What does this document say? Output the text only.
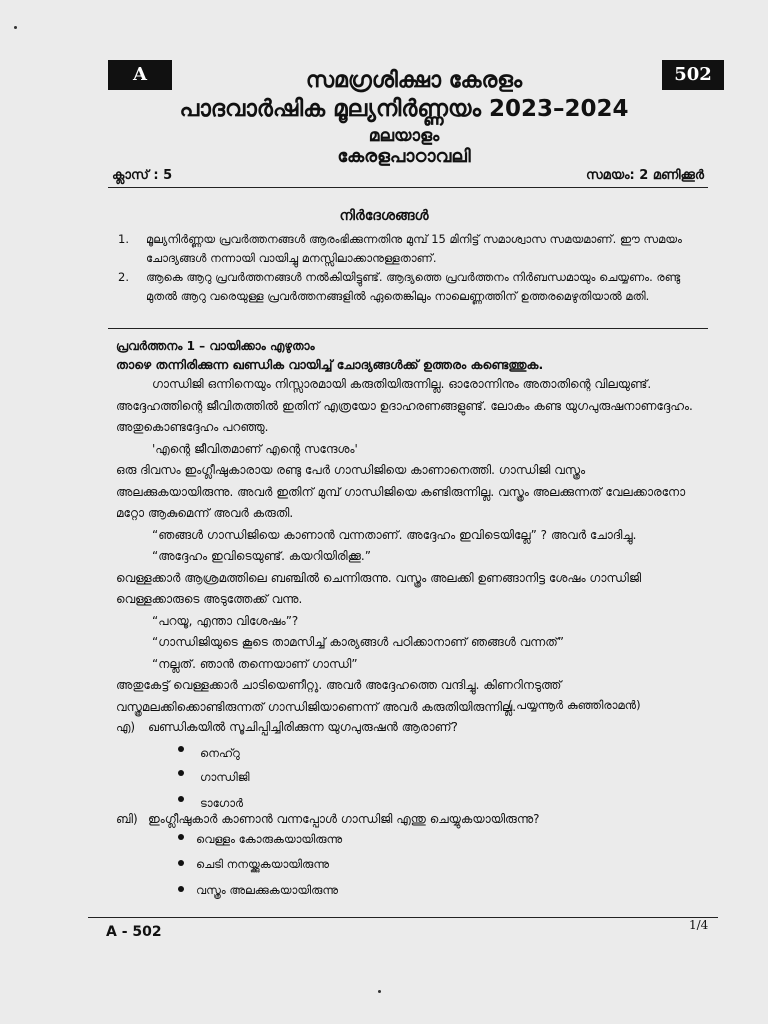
A	502
സമഗ്രശിക്ഷാ കേരളം
പാദവാർഷിക മൂല്യനിർണ്ണയം 2023–2024
മലയാളം
കേരളപാഠാവലി
ക്ലാസ് : 5	സമയം: 2 മണിക്കൂർ
നിർദേശങ്ങൾ
1. മൂല്യനിർണ്ണയ പ്രവർത്തനങ്ങൾ ആരംഭിക്കുന്നതിനു മുമ്പ് 15 മിനിട്ട് സമാശ്വാസ സമയമാണ്. ഈ സമയം ചോദ്യങ്ങൾ നന്നായി വായിച്ചു മനസ്സിലാക്കാനുള്ളതാണ്.
2. ആകെ ആറു പ്രവർത്തനങ്ങൾ നൽകിയിട്ടുണ്ട്. ആദ്യത്തെ പ്രവർത്തനം നിർബന്ധമായും ചെയ്യണം. രണ്ടു മുതൽ ആറു വരെയുള്ള പ്രവർത്തനങ്ങളിൽ ഏതെങ്കിലും നാലെണ്ണത്തിന് ഉത്തരമെഴുതിയാൽ മതി.
പ്രവർത്തനം 1 – വായിക്കാം എഴുതാം
താഴെ തന്നിരിക്കുന്ന ഖണ്ഡിക വായിച്ച് ചോദ്യങ്ങൾക്ക് ഉത്തരം കണ്ടെത്തുക.

ഗാന്ധിജി ഒന്നിനെയും നിസ്സാരമായി കരുതിയിരുന്നില്ല. ഓരോന്നിനും അതാതിന്റെ വിലയുണ്ട്. അദ്ദേഹത്തിന്റെ ജീവിതത്തിൽ ഇതിന് എത്രയോ ഉദാഹരണങ്ങളുണ്ട്. ലോകം കണ്ട യുഗപുരുഷനാണദ്ദേഹം. അതുകൊണ്ടദ്ദേഹം പറഞ്ഞു.

'എന്റെ ജീവിതമാണ് എന്റെ സന്ദേശം'

ഒരു ദിവസം ഇംഗ്ലീഷുകാരായ രണ്ടു പേർ ഗാന്ധിജിയെ കാണാനെത്തി. ഗാന്ധിജി വസ്ത്രം അലക്കുകയായിരുന്നു. അവർ ഇതിന് മുമ്പ് ഗാന്ധിജിയെ കണ്ടിരുന്നില്ല. വസ്ത്രം അലക്കുന്നത് വേലക്കാരനോ മറ്റോ ആകുമെന്ന് അവർ കരുതി.

“ഞങ്ങൾ ഗാന്ധിജിയെ കാണാൻ വന്നതാണ്. അദ്ദേഹം ഇവിടെയില്ലേ” ? അവർ ചോദിച്ചു.

“അദ്ദേഹം ഇവിടെയുണ്ട്. കയറിയിരിക്കൂ.”

വെള്ളക്കാർ ആശ്രമത്തിലെ ബഞ്ചിൽ ചെന്നിരുന്നു. വസ്ത്രം അലക്കി ഉണങ്ങാനിട്ട ശേഷം ഗാന്ധിജി വെള്ളക്കാരുടെ അടുത്തേക്ക് വന്നു.

“പറയൂ, എന്താ വിശേഷം”?

“ഗാന്ധിജിയുടെ കൂടെ താമസിച്ച് കാര്യങ്ങൾ പഠിക്കാനാണ് ഞങ്ങൾ വന്നത്”

“നല്ലത്. ഞാൻ തന്നെയാണ് ഗാന്ധി”

അതുകേട്ട് വെള്ളക്കാർ ചാടിയെണീറ്റു. അവർ അദ്ദേഹത്തെ വന്ദിച്ചു. കിണറിനടുത്ത് വസ്ത്രമലക്കിക്കൊണ്ടിരുന്നത് ഗാന്ധിജിയാണെന്ന് അവർ കരുതിയിരുന്നില്ല.

( പയ്യന്നൂർ കുഞ്ഞിരാമൻ)
എ) ഖണ്ഡികയിൽ സൂചിപ്പിച്ചിരിക്കുന്ന യുഗപുരുഷൻ ആരാണ്?
നെഹ്റു
ഗാന്ധിജി
ടാഗോർ
ബി) ഇംഗ്ലീഷുകാർ കാണാൻ വന്നപ്പോൾ ഗാന്ധിജി എന്തു ചെയ്യുകയായിരുന്നു?
വെള്ളം കോരുകയായിരുന്നു
ചെടി നനയ്ക്കുകയായിരുന്നു
വസ്ത്രം അലക്കുകയായിരുന്നു
A - 502	1/4
